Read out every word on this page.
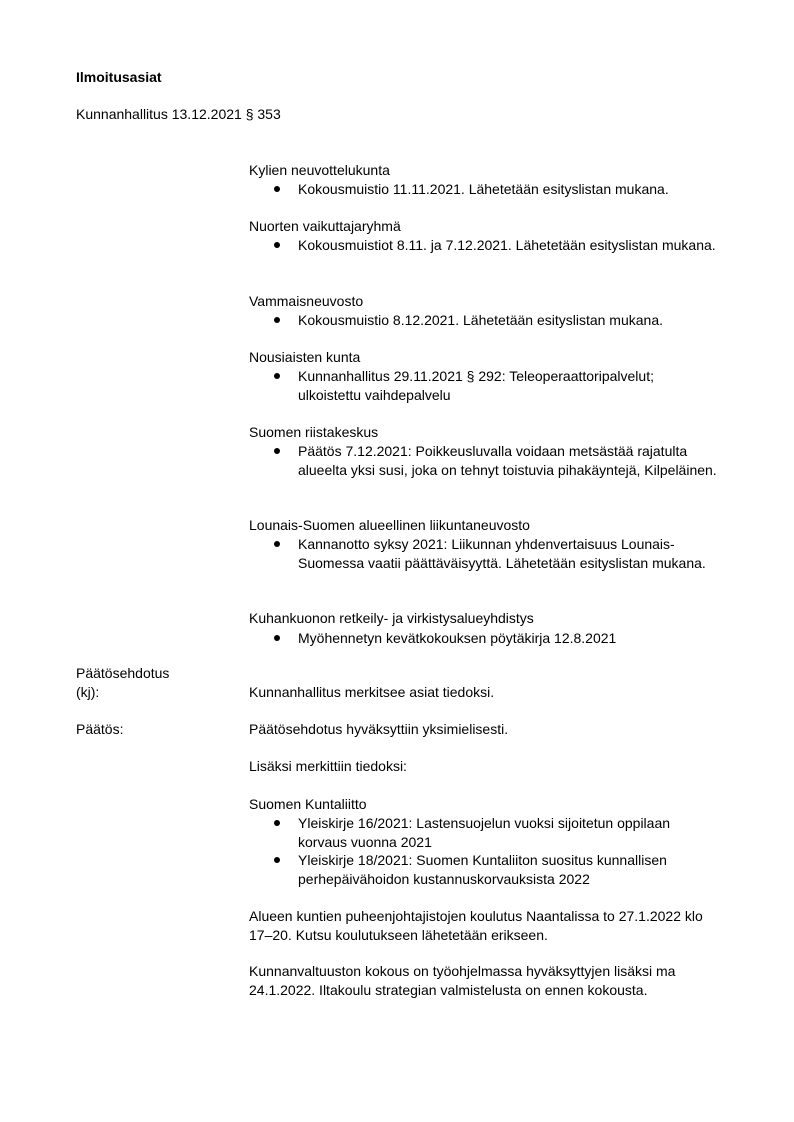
Ilmoitusasiat
Kunnanhallitus 13.12.2021 § 353
Kylien neuvottelukunta
Kokousmuistio 11.11.2021. Lähetetään esityslistan mukana.
Nuorten vaikuttajaryhmä
Kokousmuistiot 8.11. ja 7.12.2021. Lähetetään esityslistan mukana.
Vammaisneuvosto
Kokousmuistio 8.12.2021. Lähetetään esityslistan mukana.
Nousiaisten kunta
Kunnanhallitus 29.11.2021 § 292: Teleoperaattoripalvelut; ulkoistettu vaihdepalvelu
Suomen riistakeskus
Päätös 7.12.2021: Poikkeusluvalla voidaan metsästää rajatulta alueelta yksi susi, joka on tehnyt toistuvia pihakäyntejä, Kilpeläinen.
Lounais-Suomen alueellinen liikuntaneuvosto
Kannanotto syksy 2021: Liikunnan yhdenvertaisuus Lounais-Suomessa vaatii päättäväisyyttä. Lähetetään esityslistan mukana.
Kuhankuonon retkeily- ja virkistysalueyhdistys
Myöhennetyn kevätkokouksen pöytäkirja 12.8.2021
Päätösehdotus
(kj):	Kunnanhallitus merkitsee asiat tiedoksi.
Päätös:	Päätösehdotus hyväksyttiin yksimielisesti.
Lisäksi merkittiin tiedoksi:
Suomen Kuntaliitto
Yleiskirje 16/2021: Lastensuojelun vuoksi sijoitetun oppilaan korvaus vuonna 2021
Yleiskirje 18/2021: Suomen Kuntaliiton suositus kunnallisen perhepäivähoidon kustannuskorvauksista 2022
Alueen kuntien puheenjohtajistojen koulutus Naantalissa to 27.1.2022 klo 17–20. Kutsu koulutukseen lähetetään erikseen.
Kunnanvaltuuston kokous on työohjelmassa hyväksyttyjen lisäksi ma 24.1.2022. Iltakoulu strategian valmistelusta on ennen kokousta.
